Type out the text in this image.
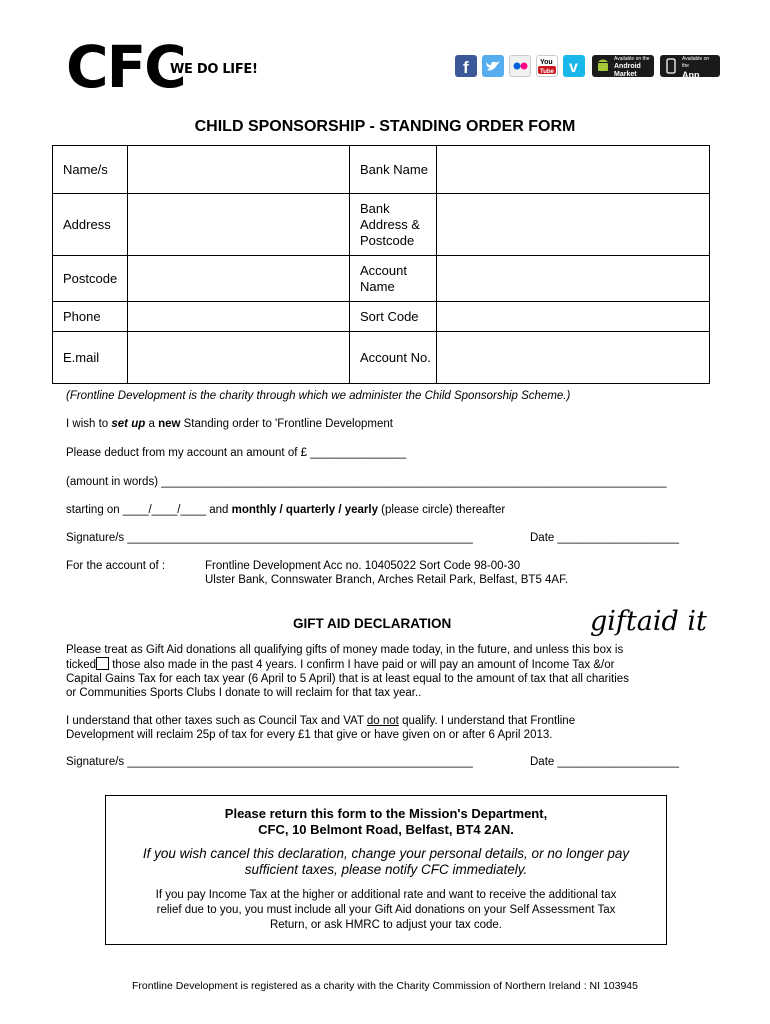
CFC
WE DO LIFE!	f	You
Tube v	Available on the
Android Market
Available on the
App Store
CHILD SPONSORSHIP - STANDING ORDER FORM
Name/s		Bank Name	
Address		Bank Address & Postcode	

Postcode		Account Name	

Phone		Sort Code	
E.mail		Account No.	
(Frontline Development is the charity through which we administer the Child Sponsorship Scheme.)
I wish to set up a new Standing order to 'Frontline Development
Please deduct from my account an amount of £ _______________
(amount in words) _______________________________________________________________________________
starting on ____/____/____ and monthly / quarterly / yearly (please circle) thereafter
Signature/s ______________________________________________________	Date ___________________
For the account of :	Frontline Development Acc no. 10405022 Sort Code 98-00-30
Ulster Bank, Connswater Branch, Arches Retail Park, Belfast, BT5 4AF.
GIFT AID DECLARATION	giftaid it
Please treat as Gift Aid donations all qualifying gifts of money made today, in the future, and unless this box is
ticked those also made in the past 4 years. I confirm I have paid or will pay an amount of Income Tax &/or
Capital Gains Tax for each tax year (6 April to 5 April) that is at least equal to the amount of tax that all charities
or Communities Sports Clubs I donate to will reclaim for that tax year..
I understand that other taxes such as Council Tax and VAT do not qualify. I understand that Frontline
Development will reclaim 25p of tax for every £1 that give or have given on or after 6 April 2013.
Signature/s ______________________________________________________	Date ___________________
Please return this form to the Mission's Department,
CFC, 10 Belmont Road, Belfast, BT4 2AN.
If you wish cancel this declaration, change your personal details, or no longer pay
sufficient taxes, please notify CFC immediately.
If you pay Income Tax at the higher or additional rate and want to receive the additional tax
relief due to you, you must include all your Gift Aid donations on your Self Assessment Tax
Return, or ask HMRC to adjust your tax code.
Frontline Development is registered as a charity with the Charity Commission of Northern Ireland : NI 103945
